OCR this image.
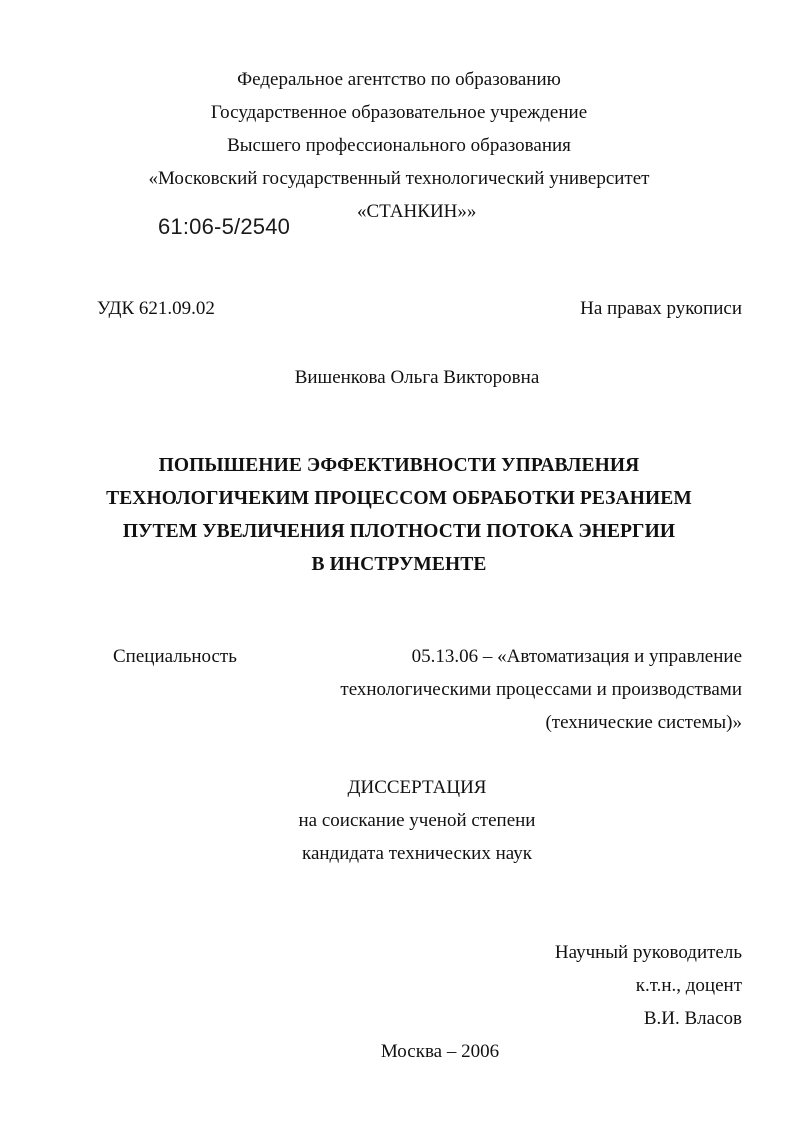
Федеральное агентство по образованию
Государственное образовательное учреждение
Высшего профессионального образования
«Московский государственный технологический университет
«СТАНКИН»»
61:06-5/2540
УДК 621.09.02	На правах рукописи
Вишенкова Ольга Викторовна
ПОПЫШЕНИЕ ЭФФЕКТИВНОСТИ УПРАВЛЕНИЯ
ТЕХНОЛОГИЧЕКИМ ПРОЦЕССОМ ОБРАБОТКИ РЕЗАНИЕМ
ПУТЕМ УВЕЛИЧЕНИЯ ПЛОТНОСТИ ПОТОКА ЭНЕРГИИ
В ИНСТРУМЕНТЕ
Специальность	05.13.06 – «Автоматизация и управление
технологическими процессами и производствами
(технические системы)»
ДИССЕРТАЦИЯ
на соискание ученой степени
кандидата технических наук
Научный руководитель
к.т.н., доцент
В.И. Власов
Москва – 2006
